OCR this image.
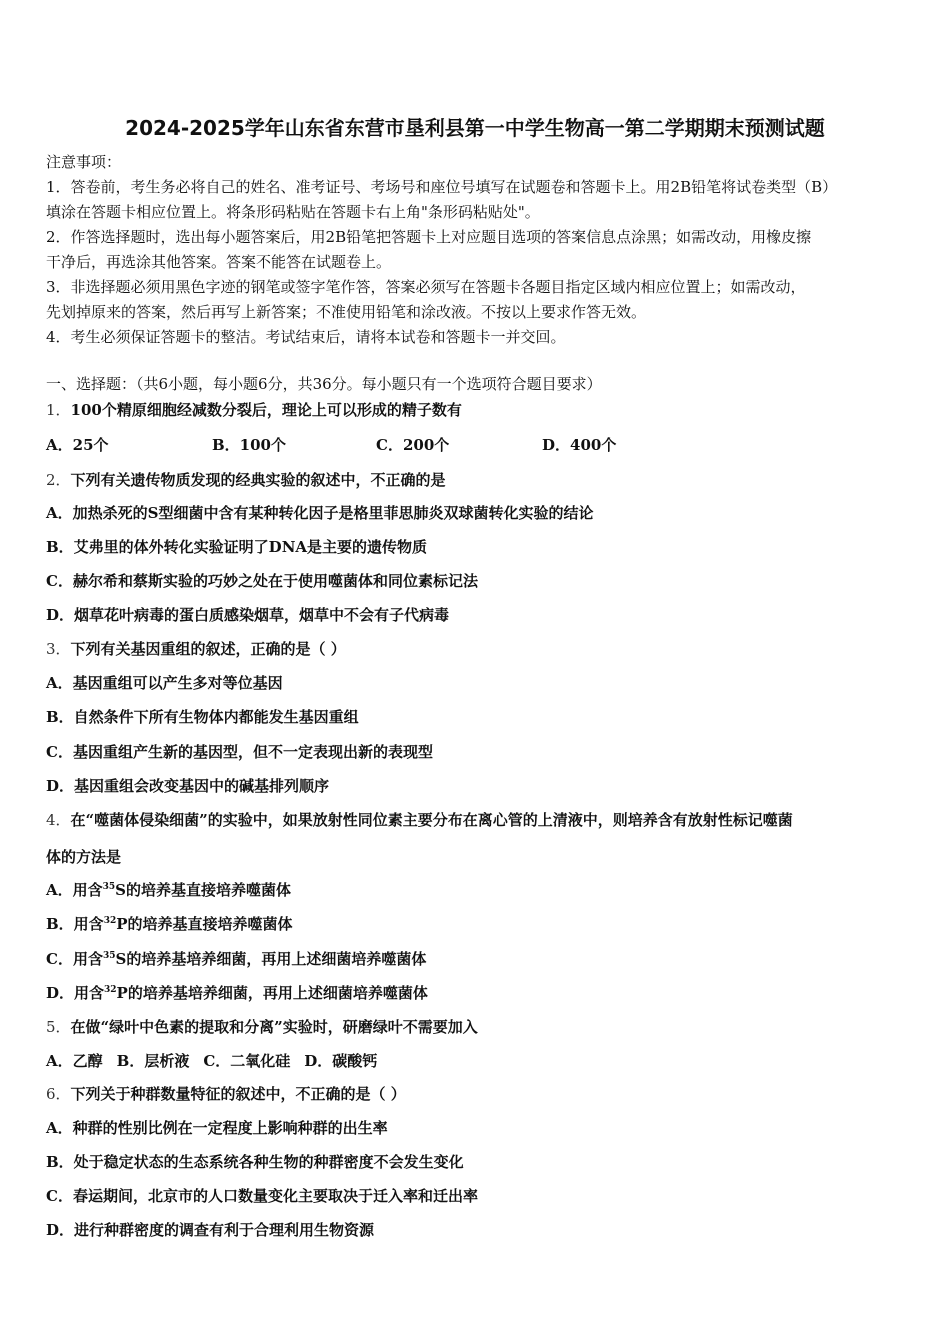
2024-2025学年山东省东营市垦利县第一中学生物高一第二学期期末预测试题

注意事项：

1．答卷前，考生务必将自己的姓名、准考证号、考场号和座位号填写在试题卷和答题卡上。用2B铅笔将试卷类型（B）

填涂在答题卡相应位置上。将条形码粘贴在答题卡右上角"条形码粘贴处"。

2．作答选择题时，选出每小题答案后，用2B铅笔把答题卡上对应题目选项的答案信息点涂黑；如需改动，用橡皮擦

干净后，再选涂其他答案。答案不能答在试题卷上。

3．非选择题必须用黑色字迹的钢笔或签字笔作答，答案必须写在答题卡各题目指定区域内相应位置上；如需改动，

先划掉原来的答案，然后再写上新答案；不准使用铅笔和涂改液。不按以上要求作答无效。

4．考生必须保证答题卡的整洁。考试结束后，请将本试卷和答题卡一并交回。

一、选择题：（共6小题，每小题6分，共36分。每小题只有一个选项符合题目要求）
1．100个精原细胞经减数分裂后，理论上可以形成的精子数有
A．25个	B．100个	C．200个	D．400个
2．下列有关遗传物质发现的经典实验的叙述中，不正确的是
A．加热杀死的S型细菌中含有某种转化因子是格里菲思肺炎双球菌转化实验的结论
B．艾弗里的体外转化实验证明了DNA是主要的遗传物质
C．赫尔希和蔡斯实验的巧妙之处在于使用噬菌体和同位素标记法
D．烟草花叶病毒的蛋白质感染烟草，烟草中不会有子代病毒
3．下列有关基因重组的叙述，正确的是（ ）
A．基因重组可以产生多对等位基因
B．自然条件下所有生物体内都能发生基因重组
C．基因重组产生新的基因型，但不一定表现出新的表现型
D．基因重组会改变基因中的碱基排列顺序
4．在“噬菌体侵染细菌”的实验中，如果放射性同位素主要分布在离心管的上清液中，则培养含有放射性标记噬菌
体的方法是
A．用含$^{35}$S的培养基直接培养噬菌体
B．用含$^{32}$P的培养基直接培养噬菌体
C．用含$^{35}$S的培养基培养细菌，再用上述细菌培养噬菌体
D．用含$^{32}$P的培养基培养细菌，再用上述细菌培养噬菌体
5．在做“绿叶中色素的提取和分离”实验时，研磨绿叶不需要加入
A．乙醇 B．层析液 C．二氧化硅 D．碳酸钙
6．下列关于种群数量特征的叙述中，不正确的是（ ）
A．种群的性别比例在一定程度上影响种群的出生率
B．处于稳定状态的生态系统各种生物的种群密度不会发生变化
C．春运期间，北京市的人口数量变化主要取决于迁入率和迁出率
D．进行种群密度的调查有利于合理利用生物资源
